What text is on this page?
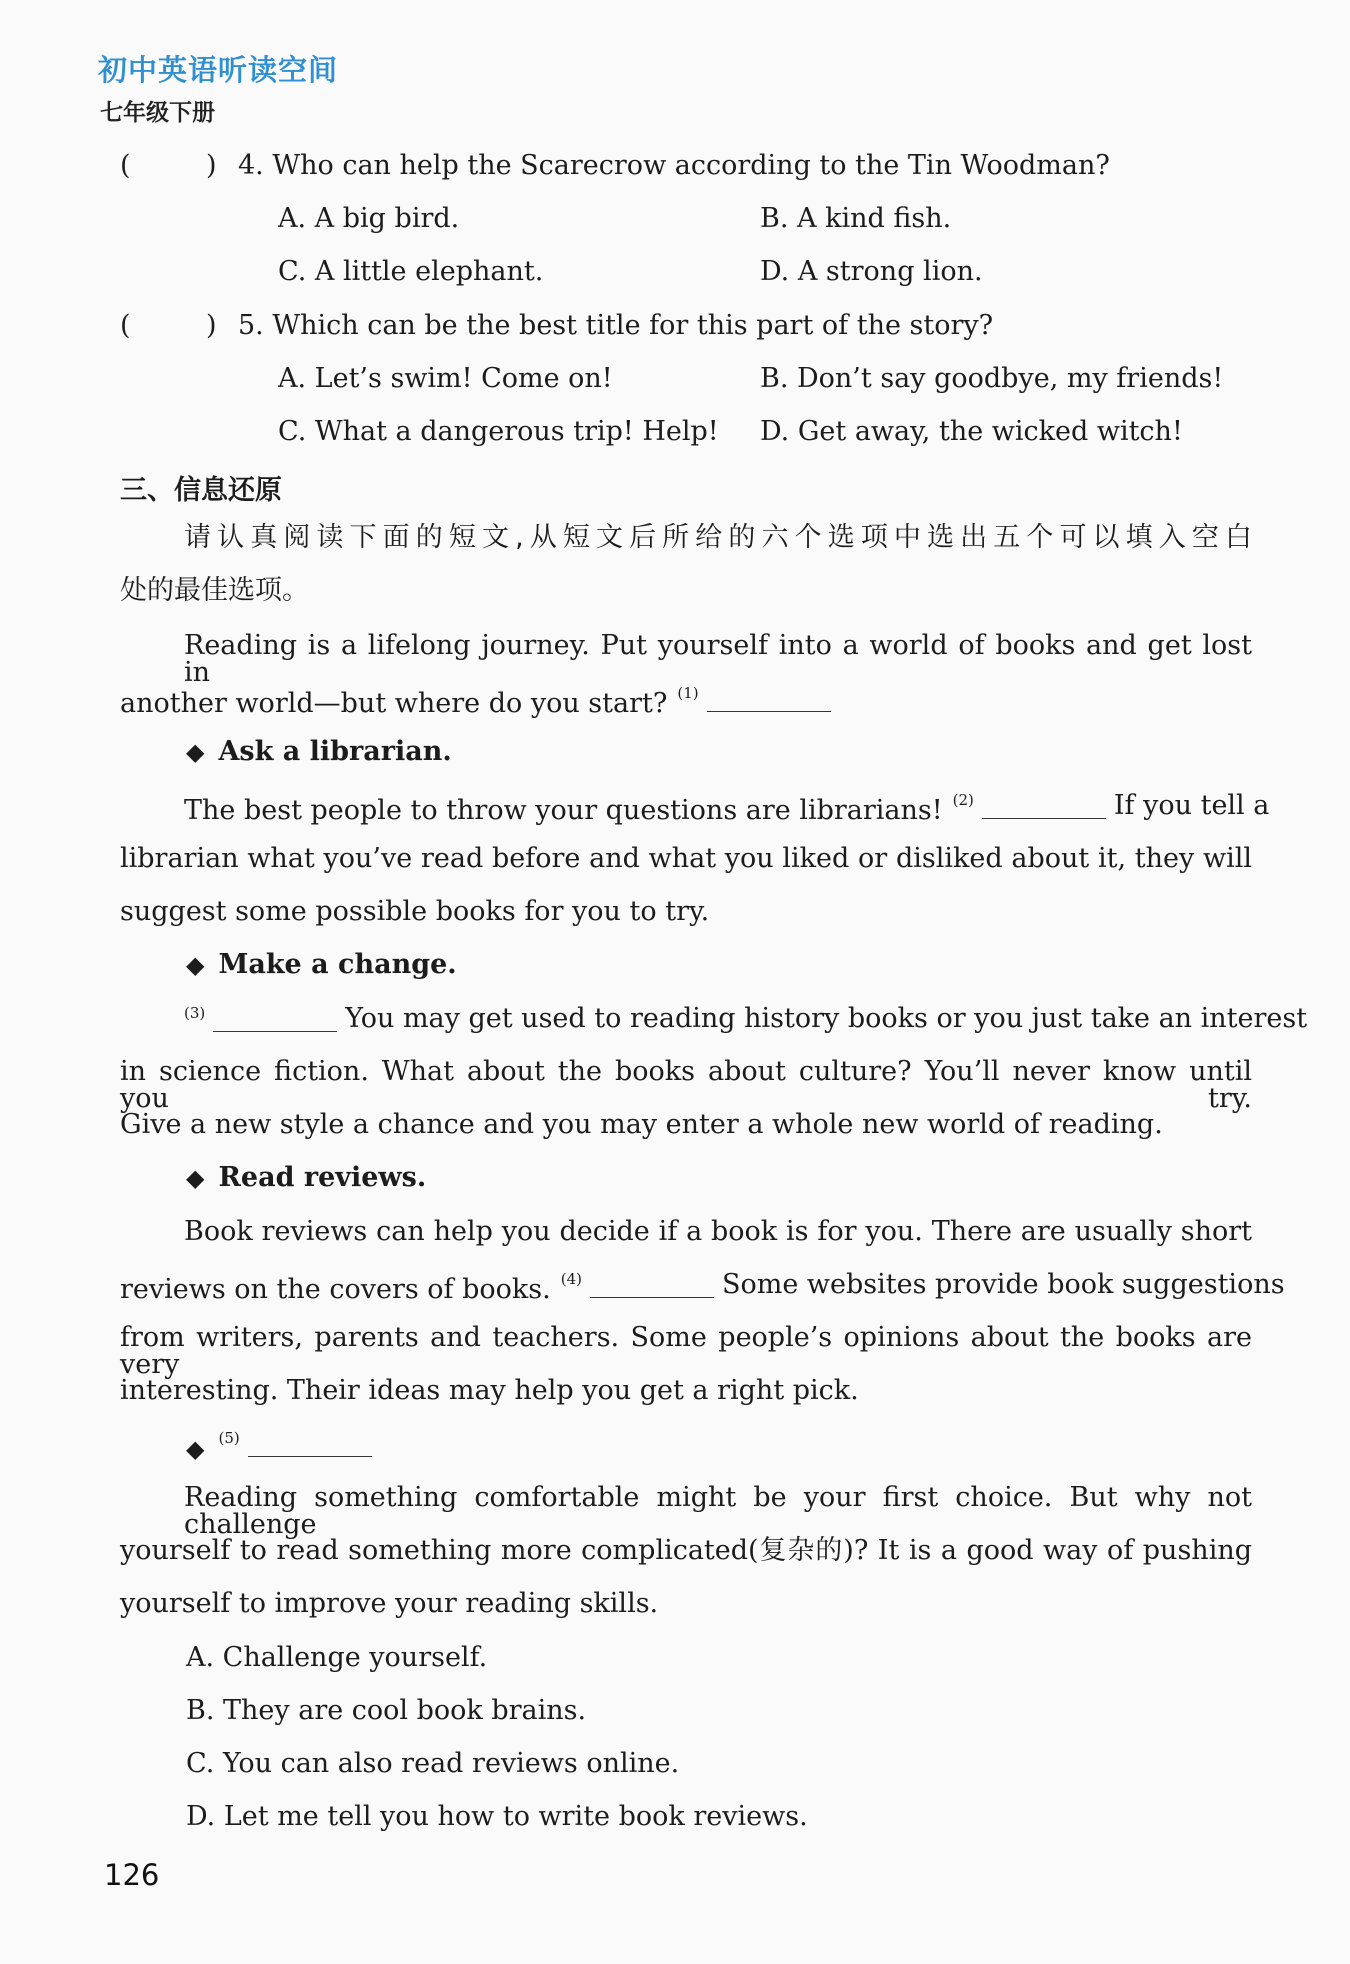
初中英语听读空间
七年级下册
(	) 4. Who can help the Scarecrow according to the Tin Woodman?
A. A big bird.	B. A kind fish.
C. A little elephant.	D. A strong lion.
(	) 5. Which can be the best title for this part of the story?
A. Let’s swim! Come on!	B. Don’t say goodbye, my friends!
C. What a dangerous trip! Help! D. Get away, the wicked witch!
三、信息还原
请认真阅读下面的短文,从短文后所给的六个选项中选出五个可以填入空白
处的最佳选项。
Reading is a lifelong journey. Put yourself into a world of books and get lost in
another world—but where do you start? $^{(1)}$
◆ Ask a librarian.
The best people to throw your questions are librarians! $^{(2)}$	If you tell a
librarian what you’ve read before and what you liked or disliked about it, they will
suggest some possible books for you to try.
◆ Make a change.
$^{(3)}$	You may get used to reading history books or you just take an interest
in science fiction. What about the books about culture? You’ll never know until you try.
Give a new style a chance and you may enter a whole new world of reading.
◆ Read reviews.
Book reviews can help you decide if a book is for you. There are usually short
reviews on the covers of books. $^{(4)}$	Some websites provide book suggestions
from writers, parents and teachers. Some people’s opinions about the books are very
interesting. Their ideas may help you get a right pick.
◆ $^{(5)}$
Reading something comfortable might be your first choice. But why not challenge
yourself to read something more complicated(复杂的)? It is a good way of pushing
yourself to improve your reading skills.
A. Challenge yourself.
B. They are cool book brains.
C. You can also read reviews online.
D. Let me tell you how to write book reviews.
126
